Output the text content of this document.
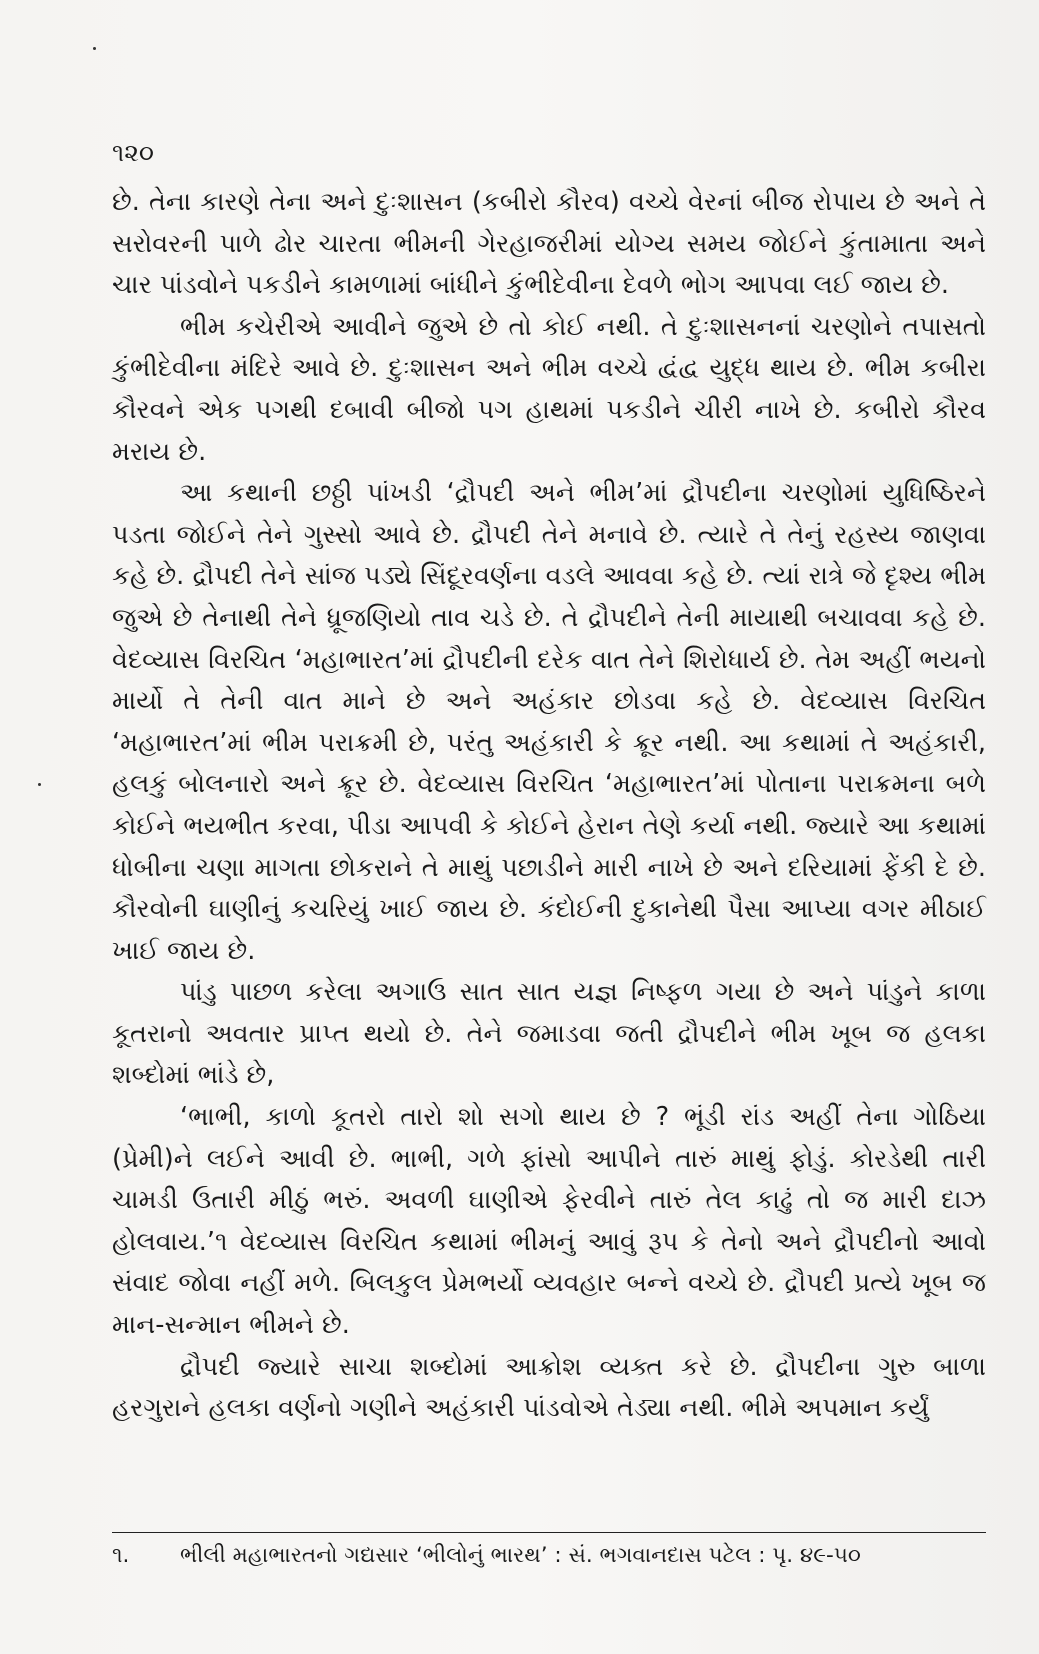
૧૨૦

છે. તેના કારણે તેના અને દુઃશાસન (કબીરો કૌરવ) વચ્ચે વેરનાં બીજ રોપાય છે અને તે સરોવરની પાળે ઢોર ચારતા ભીમની ગેરહાજરીમાં યોગ્ય સમય જોઈને કુંતામાતા અને ચાર પાંડવોને પકડીને કામળામાં બાંધીને કુંભીદેવીના દેવળે ભોગ આપવા લઈ જાય છે.

ભીમ કચેરીએ આવીને જુએ છે તો કોઈ નથી. તે દુઃશાસનનાં ચરણોને તપાસતો કુંભીદેવીના મંદિરે આવે છે. દુઃશાસન અને ભીમ વચ્ચે દ્વંદ્વ યુદ્ધ થાય છે. ભીમ કબીરા કૌરવને એક પગથી દબાવી બીજો પગ હાથમાં પકડીને ચીરી નાખે છે. કબીરો કૌરવ મરાય છે.

આ કથાની છઠ્ઠી પાંખડી ‘દ્રૌપદી અને ભીમ’માં દ્રૌપદીના ચરણોમાં યુધિષ્ઠિરને પડતા જોઈને તેને ગુસ્સો આવે છે. દ્રૌપદી તેને મનાવે છે. ત્યારે તે તેનું રહસ્ય જાણવા કહે છે. દ્રૌપદી તેને સાંજ પડ્યે સિંદૂરવર્ણના વડલે આવવા કહે છે. ત્યાં રાત્રે જે દૃશ્ય ભીમ જુએ છે તેનાથી તેને ધ્રૂજણિયો તાવ ચડે છે. તે દ્રૌપદીને તેની માયાથી બચાવવા કહે છે. વેદવ્યાસ વિરચિત ‘મહાભારત’માં દ્રૌપદીની દરેક વાત તેને શિરોધાર્ય છે. તેમ અહીં ભયનો માર્યો તે તેની વાત માને છે અને અહંકાર છોડવા કહે છે. વેદવ્યાસ વિરચિત ‘મહાભારત’માં ભીમ પરાક્રમી છે, પરંતુ અહંકારી કે ક્રૂર નથી. આ કથામાં તે અહંકારી, હલકું બોલનારો અને ક્રૂર છે. વેદવ્યાસ વિરચિત ‘મહાભારત’માં પોતાના પરાક્રમના બળે કોઈને ભયભીત કરવા, પીડા આપવી કે કોઈને હેરાન તેણે કર્યા નથી. જ્યારે આ કથામાં ધોબીના ચણા માગતા છોકરાને તે માથું પછાડીને મારી નાખે છે અને દરિયામાં ફેંકી દે છે. કૌરવોની ઘાણીનું કચરિયું ખાઈ જાય છે. કંદોઈની દુકાનેથી પૈસા આપ્યા વગર મીઠાઈ ખાઈ જાય છે.

પાંડુ પાછળ કરેલા અગાઉ સાત સાત યજ્ઞ નિષ્ફળ ગયા છે અને પાંડુને કાળા કૂતરાનો અવતાર પ્રાપ્ત થયો છે. તેને જમાડવા જતી દ્રૌપદીને ભીમ ખૂબ જ હલકા શબ્દોમાં ભાંડે છે,

‘ભાભી, કાળો કૂતરો તારો શો સગો થાય છે ? ભૂંડી રાંડ અહીં તેના ગોઠિયા (પ્રેમી)ને લઈને આવી છે. ભાભી, ગળે ફાંસો આપીને તારું માથું ફોડું. કોરડેથી તારી ચામડી ઉતારી મીઠું ભરું. અવળી ઘાણીએ ફેરવીને તારું તેલ કાઢું તો જ મારી દાઝ હોલવાય.’૧ વેદવ્યાસ વિરચિત કથામાં ભીમનું આવું રૂપ કે તેનો અને દ્રૌપદીનો આવો સંવાદ જોવા નહીં મળે. બિલકુલ પ્રેમભર્યો વ્યવહાર બન્ને વચ્ચે છે. દ્રૌપદી પ્રત્યે ખૂબ જ માન-સન્માન ભીમને છે.

દ્રૌપદી જ્યારે સાચા શબ્દોમાં આક્રોશ વ્યક્ત કરે છે. દ્રૌપદીના ગુરુ બાળા હરગુરાને હલકા વર્ણનો ગણીને અહંકારી પાંડવોએ તેડ્યા નથી. ભીમે અપમાન કર્યું

૧. ભીલી મહાભારતનો ગદ્યસાર ‘ભીલોનું ભારથ’ : સં. ભગવાનદાસ પટેલ : પૃ. ૪૯-૫૦
